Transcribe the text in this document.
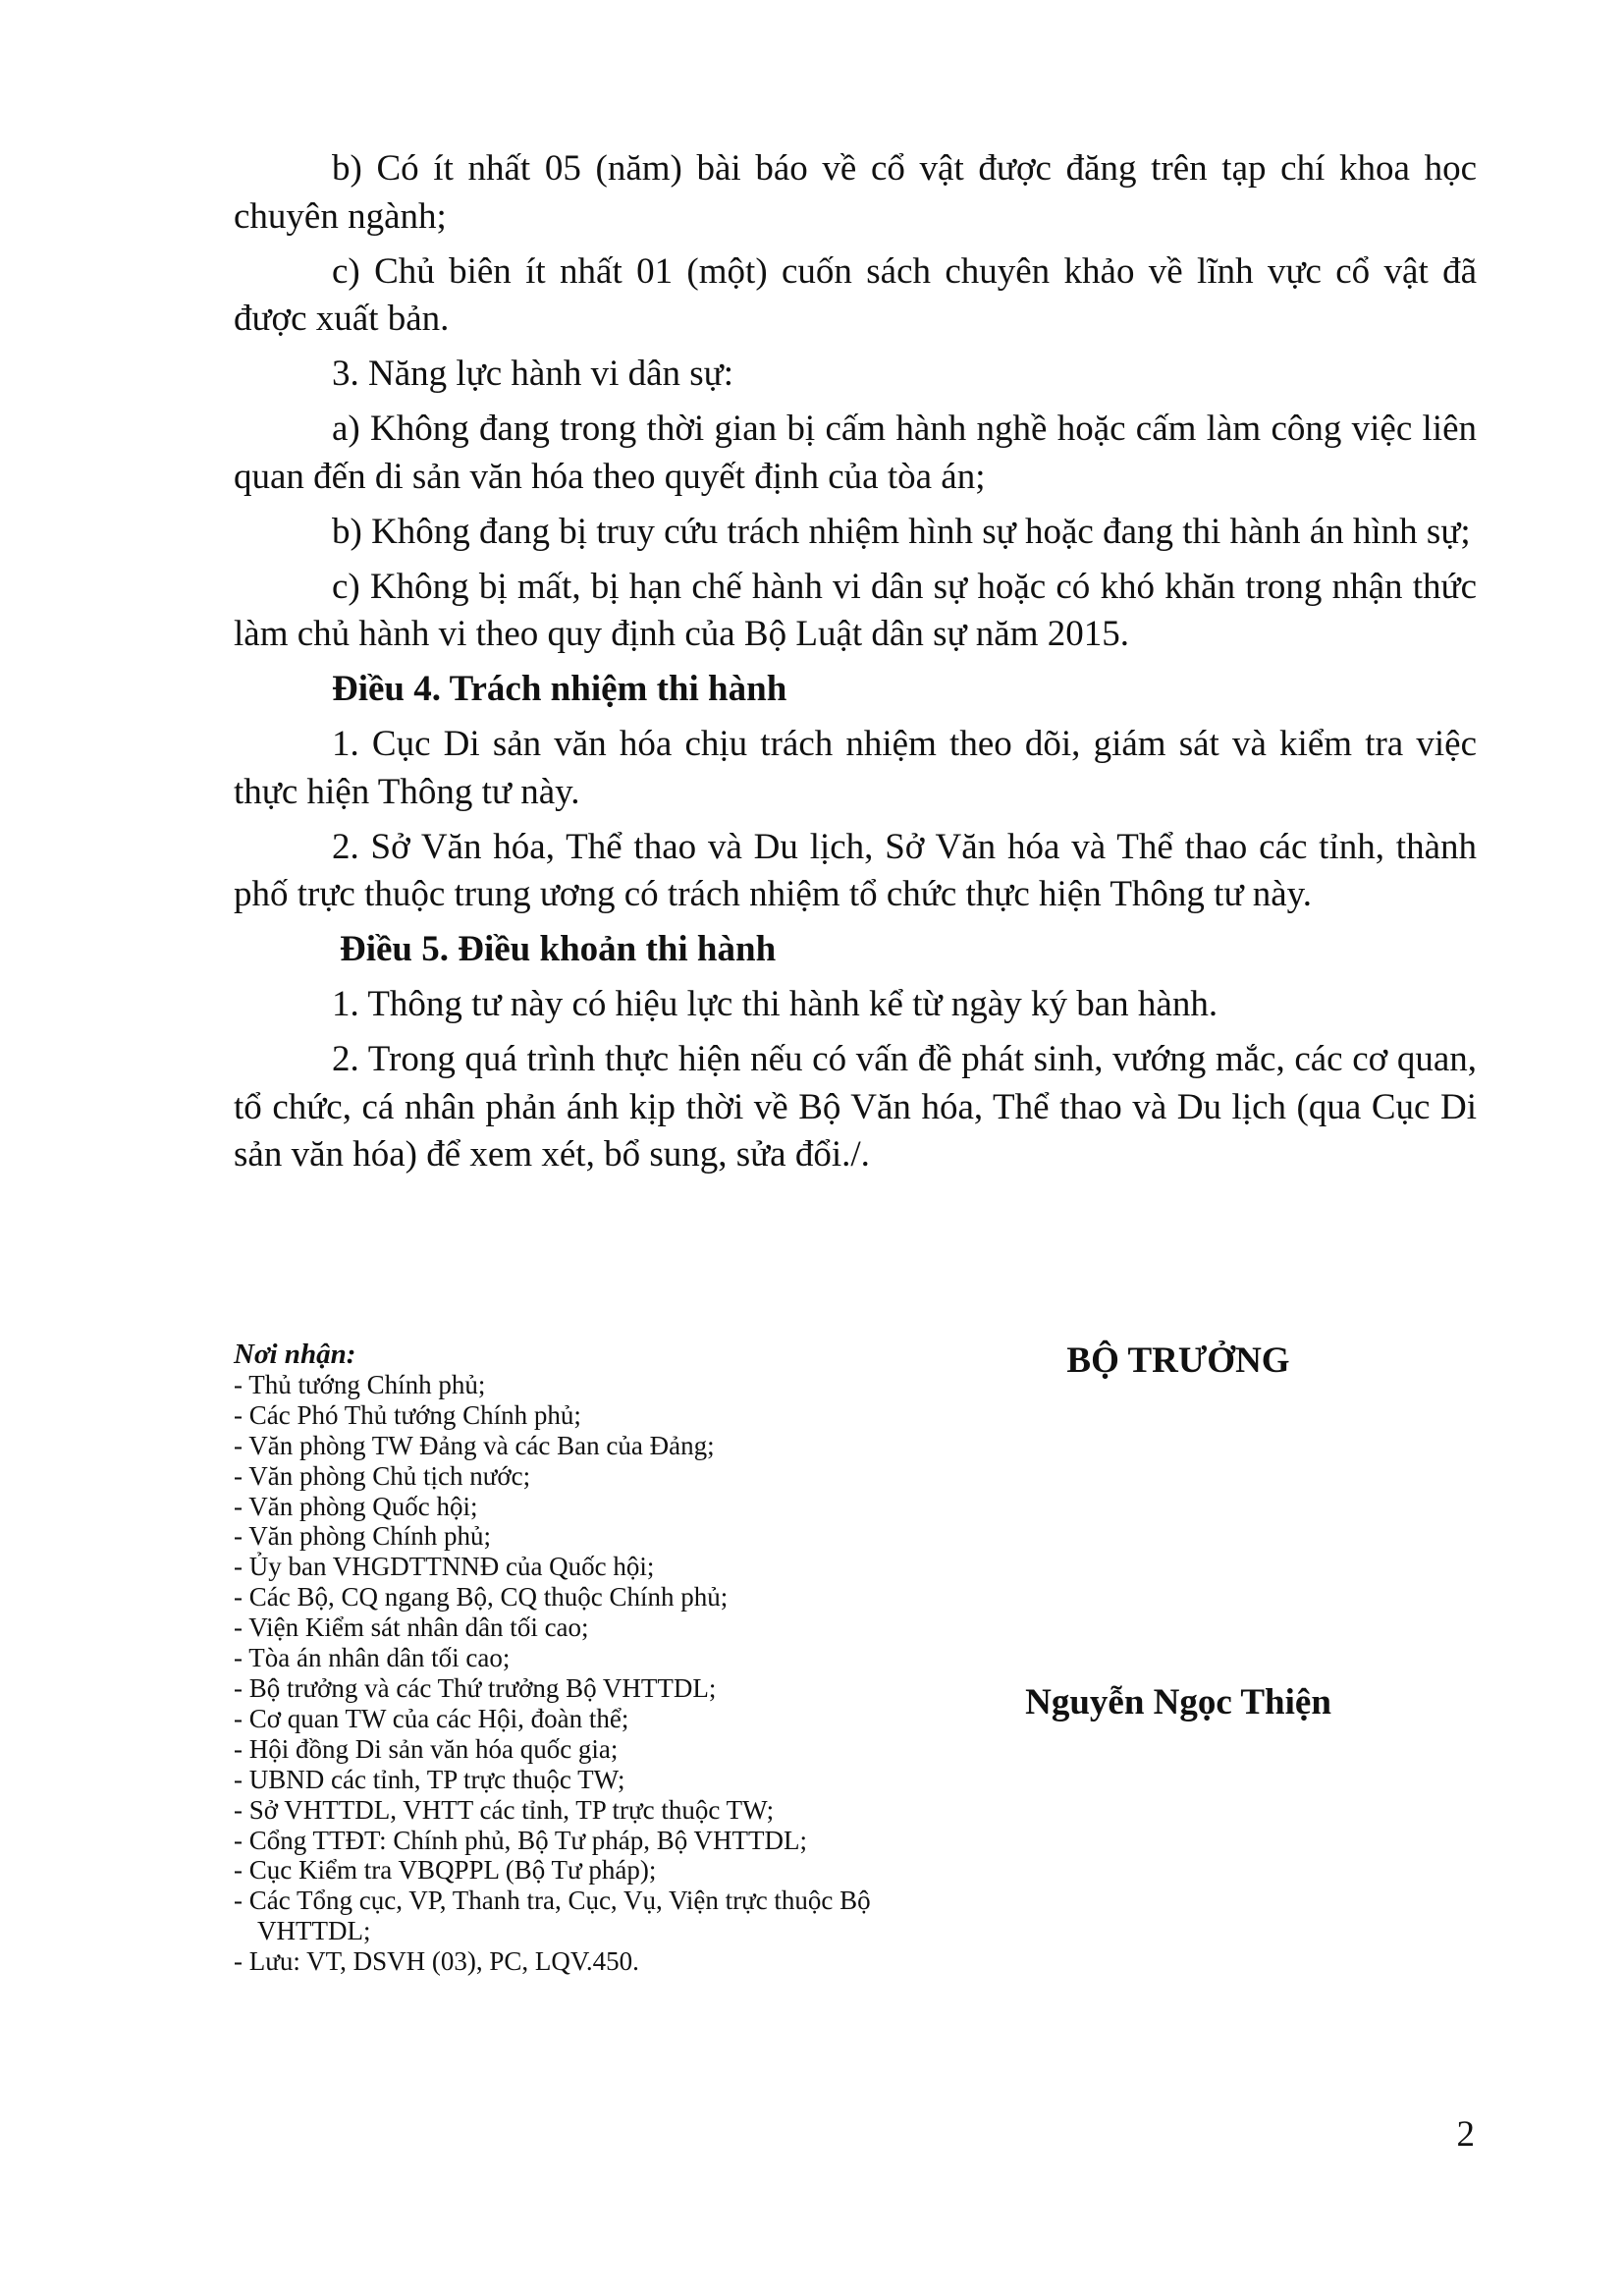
b) Có ít nhất 05 (năm) bài báo về cổ vật được đăng trên tạp chí khoa học chuyên ngành;

c) Chủ biên ít nhất 01 (một) cuốn sách chuyên khảo về lĩnh vực cổ vật đã được xuất bản.

3. Năng lực hành vi dân sự:

a) Không đang trong thời gian bị cấm hành nghề hoặc cấm làm công việc liên quan đến di sản văn hóa theo quyết định của tòa án;

b) Không đang bị truy cứu trách nhiệm hình sự hoặc đang thi hành án hình sự;

c) Không bị mất, bị hạn chế hành vi dân sự hoặc có khó khăn trong nhận thức làm chủ hành vi theo quy định của Bộ Luật dân sự năm 2015.

Điều 4. Trách nhiệm thi hành

1. Cục Di sản văn hóa chịu trách nhiệm theo dõi, giám sát và kiểm tra việc thực hiện Thông tư này.

2. Sở Văn hóa, Thể thao và Du lịch, Sở Văn hóa và Thể thao các tỉnh, thành phố trực thuộc trung ương có trách nhiệm tổ chức thực hiện Thông tư này.

Điều 5. Điều khoản thi hành

1. Thông tư này có hiệu lực thi hành kể từ ngày ký ban hành.

2. Trong quá trình thực hiện nếu có vấn đề phát sinh, vướng mắc, các cơ quan, tổ chức, cá nhân phản ánh kịp thời về Bộ Văn hóa, Thể thao và Du lịch (qua Cục Di sản văn hóa) để xem xét, bổ sung, sửa đổi./.

Nơi nhận:

- Thủ tướng Chính phủ;

- Các Phó Thủ tướng Chính phủ;

- Văn phòng TW Đảng và các Ban của Đảng;

- Văn phòng Chủ tịch nước;

- Văn phòng Quốc hội;

- Văn phòng Chính phủ;

- Ủy ban VHGDTTNNĐ của Quốc hội;

- Các Bộ, CQ ngang Bộ, CQ thuộc Chính phủ;

- Viện Kiểm sát nhân dân tối cao;

- Tòa án nhân dân tối cao;

- Bộ trưởng và các Thứ trưởng Bộ VHTTDL;

- Cơ quan TW của các Hội, đoàn thể;

- Hội đồng Di sản văn hóa quốc gia;

- UBND các tỉnh, TP trực thuộc TW;

- Sở VHTTDL, VHTT các tỉnh, TP trực thuộc TW;

- Cổng TTĐT: Chính phủ, Bộ Tư pháp, Bộ VHTTDL;

- Cục Kiểm tra VBQPPL (Bộ Tư pháp);

- Các Tổng cục, VP, Thanh tra, Cục, Vụ, Viện trực thuộc Bộ VHTTDL;

- Lưu: VT, DSVH (03), PC, LQV.450.

BỘ TRƯỞNG

Nguyễn Ngọc Thiện

2
